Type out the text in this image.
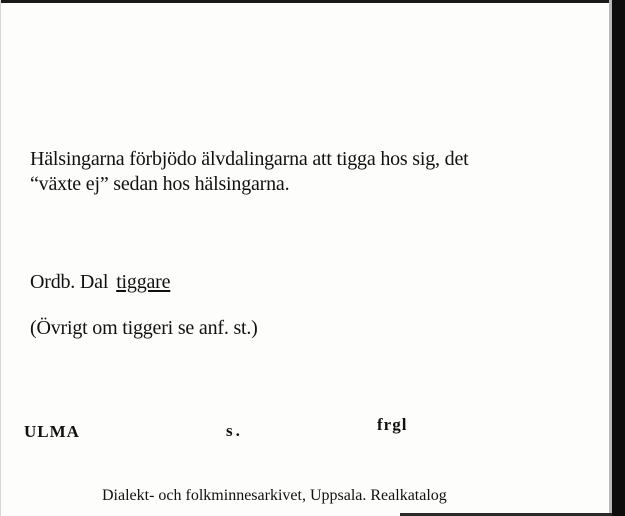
Hälsingarna förbjödo älvdalingarna att tigga hos sig, det
“växte ej” sedan hos hälsingarna.
Ordb. Dal tiggare
(Övrigt om tiggeri se anf. st.)
ULMA	s.	frgl
Dialekt- och folkminnesarkivet, Uppsala. Realkatalog
